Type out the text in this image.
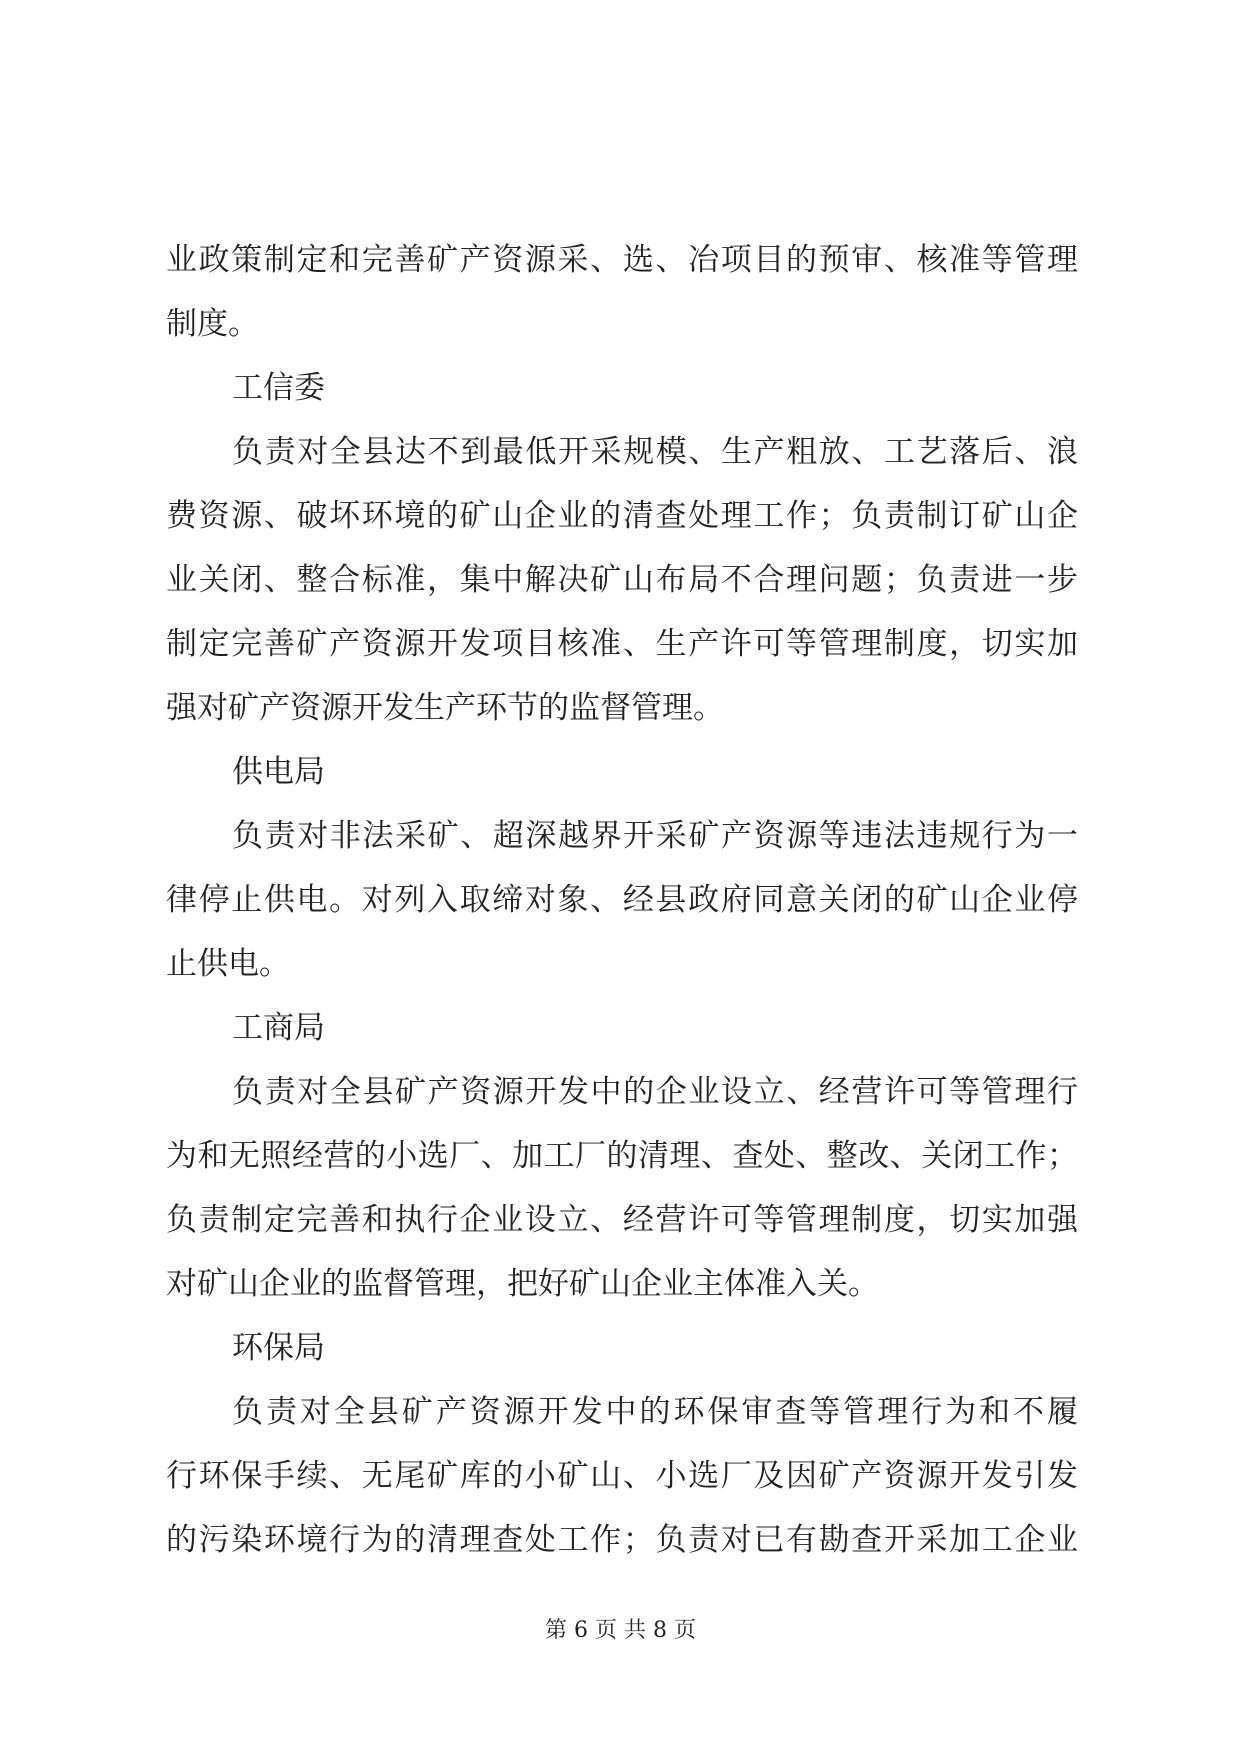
业政策制定和完善矿产资源采、选、冶项目的预审、核准等管理
制度。
工信委
负责对全县达不到最低开采规模、生产粗放、工艺落后、浪
费资源、破坏环境的矿山企业的清查处理工作；负责制订矿山企
业关闭、整合标准，集中解决矿山布局不合理问题；负责进一步
制定完善矿产资源开发项目核准、生产许可等管理制度，切实加
强对矿产资源开发生产环节的监督管理。
供电局
负责对非法采矿、超深越界开采矿产资源等违法违规行为一
律停止供电。对列入取缔对象、经县政府同意关闭的矿山企业停
止供电。
工商局
负责对全县矿产资源开发中的企业设立、经营许可等管理行
为和无照经营的小选厂、加工厂的清理、查处、整改、关闭工作；
负责制定完善和执行企业设立、经营许可等管理制度，切实加强
对矿山企业的监督管理，把好矿山企业主体准入关。
环保局
负责对全县矿产资源开发中的环保审查等管理行为和不履
行环保手续、无尾矿库的小矿山、小选厂及因矿产资源开发引发
的污染环境行为的清理查处工作；负责对已有勘查开采加工企业
第 6 页 共 8 页
